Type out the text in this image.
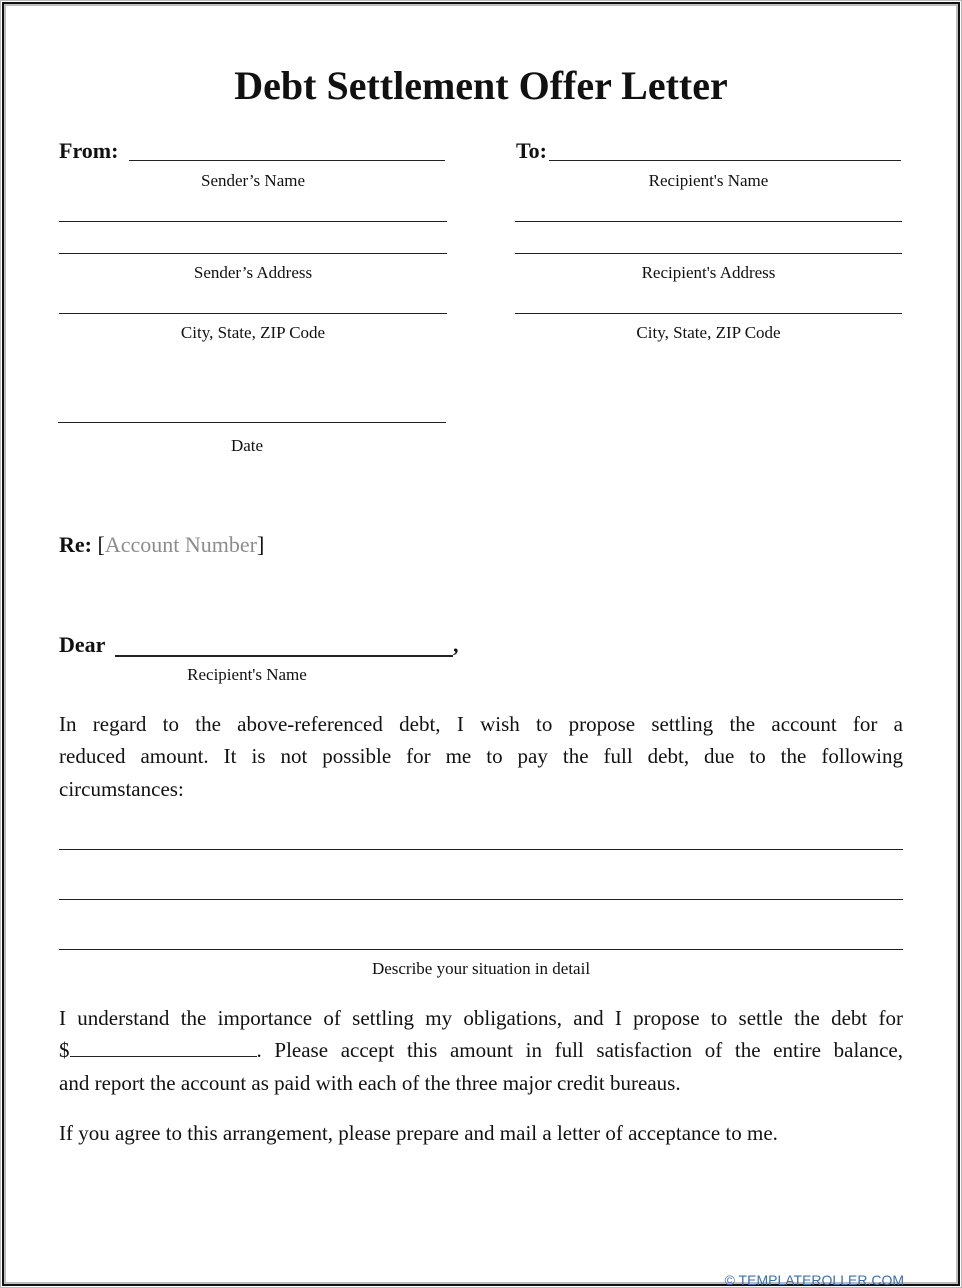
Debt Settlement Offer Letter
From:
Sender’s Name
Sender’s Address
City, State, ZIP Code
To:
Recipient's Name
Recipient's Address
City, State, ZIP Code
Date
Re: [Account Number]
Dear	,
Recipient's Name
In regard to the above-referenced debt, I wish to propose settling the account for a
reduced amount. It is not possible for me to pay the full debt, due to the following
circumstances:
Describe your situation in detail
I understand the importance of settling my obligations, and I propose to settle the debt for
$	. Please accept this amount in full satisfaction of the entire balance,
and report the account as paid with each of the three major credit bureaus.
If you agree to this arrangement, please prepare and mail a letter of acceptance to me.
© TEMPLATEROLLER.COM
